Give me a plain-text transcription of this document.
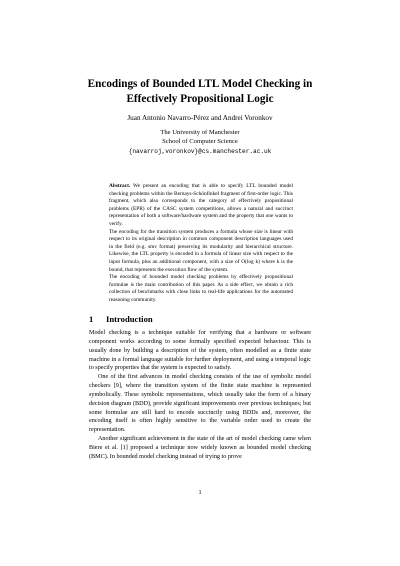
Encodings of Bounded LTL Model Checking in
Effectively Propositional Logic
Juan Antonio Navarro-Pérez and Andrei Voronkov
The University of Manchester
School of Computer Science
{navarroj,voronkov}@cs.manchester.ac.uk

Abstract. We present an encoding that is able to specify LTL bounded model checking problems within the Bernays-Schönfinkel fragment of first-order logic. This fragment, which also corresponds to the category of effectively propositional problems (EPR) of the CASC system competitions, allows a natural and succinct representation of both a software/hardware system and the property that one wants to verify.

The encoding for the transition system produces a formula whose size is linear with respect to its original description in common component description languages used in the field (e.g. smv format) preserving its modularity and hierarchical structure. Likewise, the LTL property is encoded in a formula of linear size with respect to the input formula, plus an additional component, with a size of O(log k) where k is the bound, that represents the execution flow of the system.

The encoding of bounded model checking problems by effectively propositional formulae is the main contribution of this paper. As a side effect, we obtain a rich collection of benchmarks with close links to real-life applications for the automated reasoning community.

1 Introduction

Model checking is a technique suitable for verifying that a hardware or software component works according to some formally specified expected behaviour. This is usually done by building a description of the system, often modelled as a finite state machine in a formal language suitable for further deployment, and using a temporal logic to specify properties that the system is expected to satisfy.

One of the first advances in model checking consists of the use of symbolic model checkers [9], where the transition system of the finite state machine is represented symbolically. These symbolic representations, which usually take the form of a binary decision diagram (BDD), provide significant improvements over previous techniques; but some formulae are still hard to encode succinctly using BDDs and, moreover, the encoding itself is often highly sensitive to the variable order used to create the representation.

Another significant achievement in the state of the art of model checking came when Biere et al. [1] proposed a technique now widely known as bounded model checking (BMC). In bounded model checking instead of trying to prove

1
